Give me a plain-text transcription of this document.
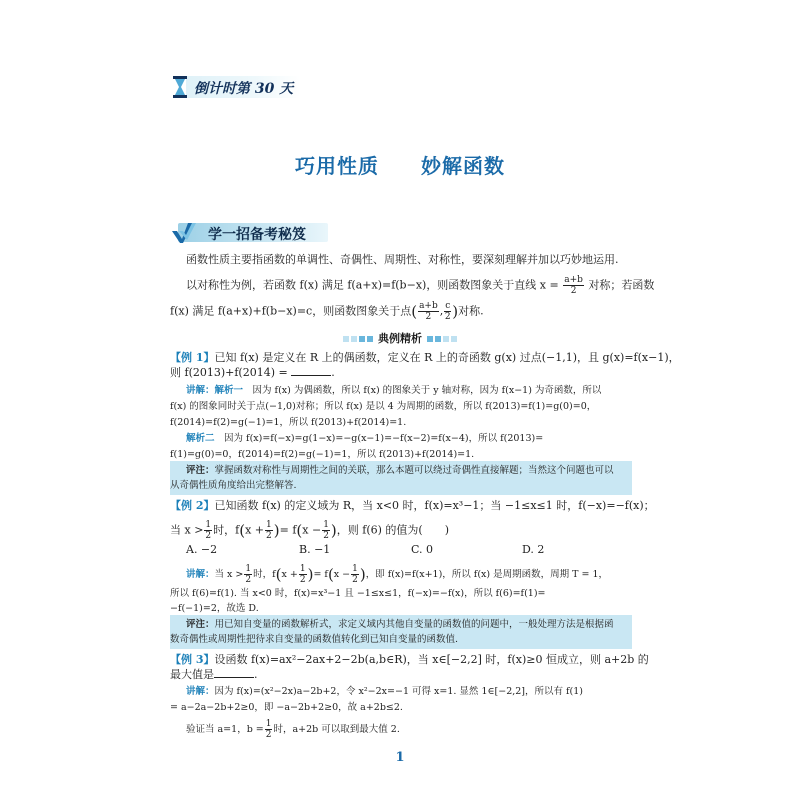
倒计时第 30 天
巧用性质　　妙解函数
学一招备考秘笈
函数性质主要指函数的单调性、奇偶性、周期性、对称性，要深刻理解并加以巧妙地运用.
以对称性为例，若函数 f(x) 满足 f(a+x)=f(b−x)，则函数图象关于直线 $x = \frac{a+b}{2}$ 对称；若函数
f(x) 满足 f(a+x)+f(b−x)=c，则函数图象关于点( $\frac{a+b}{2}$ , $\frac{c}{2}$ )对称.
典例精析
【例 1】已知 f(x) 是定义在 R 上的偶函数，定义在 R 上的奇函数 g(x) 过点(−1,1)，且 g(x)=f(x−1)，
则 f(2013)+f(2014) =	.
讲解：解析一　 因为 f(x) 为偶函数，所以 f(x) 的图象关于 y 轴对称，因为 f(x−1) 为奇函数，所以
f(x) 的图象同时关于点(−1,0)对称；所以 f(x) 是以 4 为周期的函数，所以 f(2013)=f(1)=g(0)=0，
f(2014)=f(2)=g(−1)=1，所以 f(2013)+f(2014)=1.
解析二　 因为 f(x)=f(−x)=g(1−x)=−g(x−1)=−f(x−2)=f(x−4)，所以 f(2013)=
f(1)=g(0)=0，f(2014)=f(2)=g(−1)=1，所以 f(2013)+f(2014)=1.
评注：掌握函数对称性与周期性之间的关联，那么本题可以绕过奇偶性直接解题；当然这个问题也可以
从奇偶性质角度给出完整解答.
【例 2】已知函数 f(x) 的定义域为 R，当 x<0 时，f(x)=x³−1；当 −1≤x≤1 时，f(−x)=−f(x)；
当 $x > \frac{1}{2}$ 时，$f(x + \frac{1}{2}$ )= $f(x - \frac{1}{2}$ )，则 f(6) 的值为(　　)
A. −2	B. −1	C. 0	D. 2
讲解：当 $x > \frac{1}{2}$ 时，$f(x + \frac{1}{2}$ )= $f(x - \frac{1}{2}$ )，即 f(x)=f(x+1)，所以 f(x) 是周期函数，周期 T = 1，
所以 f(6)=f(1). 当 x<0 时，f(x)=x³−1 且 −1≤x≤1，f(−x)=−f(x)，所以 f(6)=f(1)=
−f(−1)=2，故选 D.
评注：用已知自变量的函数解析式，求定义域内其他自变量的函数值的问题中，一般处理方法是根据函
数奇偶性或周期性把待求自变量的函数值转化到已知自变量的函数值.
【例 3】设函数 f(x)=ax²−2ax+2−2b(a,b∈R)，当 x∈[−2,2] 时，f(x)≥0 恒成立，则 a+2b 的
最大值是	.
讲解：因为 f(x)=(x²−2x)a−2b+2，令 x²−2x=−1 可得 x=1. 显然 1∈[−2,2]，所以有 f(1)
= a−2a−2b+2≥0，即 −a−2b+2≥0，故 a+2b≤2.
验证当 a=1，$b = \frac{1}{2}$ 时，a+2b 可以取到最大值 2.
1
